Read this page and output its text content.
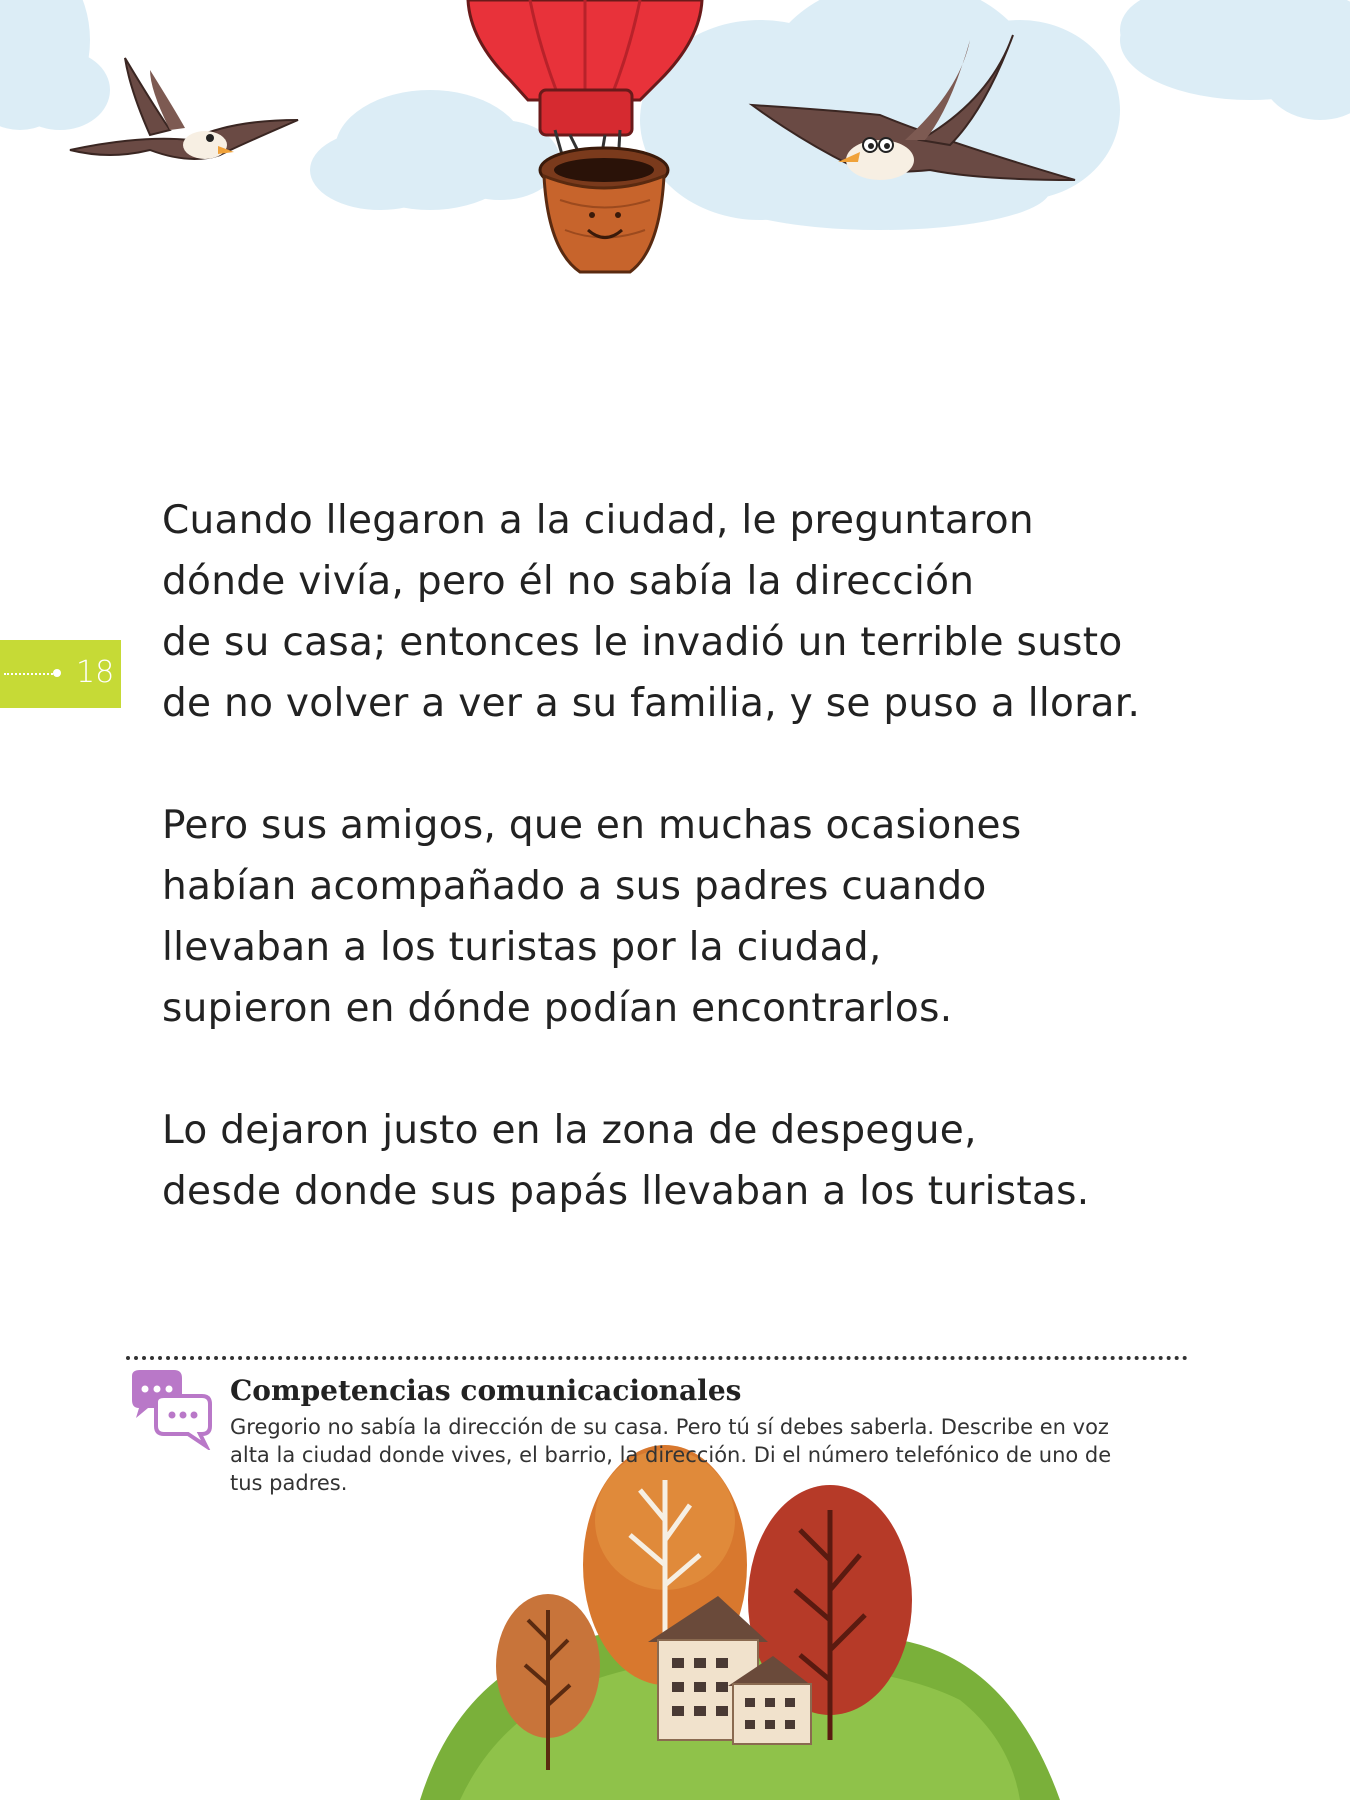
18

Cuando llegaron a la ciudad, le preguntaron
dónde vivía, pero él no sabía la dirección
de su casa; entonces le invadió un terrible susto
de no volver a ver a su familia, y se puso a llorar.

Pero sus amigos, que en muchas ocasiones
habían acompañado a sus padres cuando
llevaban a los turistas por la ciudad,
supieron en dónde podían encontrarlos.

Lo dejaron justo en la zona de despegue,
desde donde sus papás llevaban a los turistas.

Competencias comunicacionales
Gregorio no sabía la dirección de su casa. Pero tú sí debes saberla. Describe en voz
alta la ciudad donde vives, el barrio, la dirección. Di el número telefónico de uno de
tus padres.
